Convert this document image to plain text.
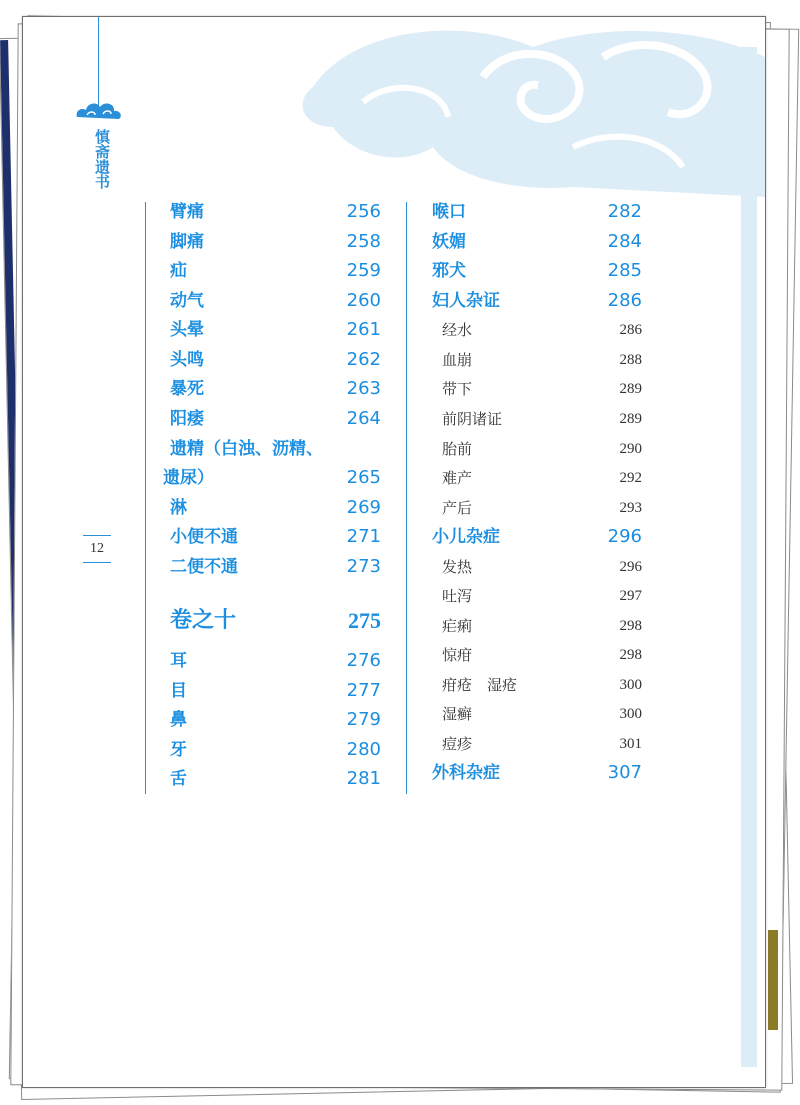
慎斋遗书
12
臂痛	256
脚痛	258
疝	259
动气	260
头晕	261
头鸣	262
暴死	263
阳痿	264
遗精（白浊、沥精、
遗尿）	265
淋	269
小便不通	271
二便不通	273
卷之十	275
耳	276
目	277
鼻	279
牙	280
舌	281
喉口	282
妖媚	284
邪犬	285
妇人杂证	286
经水	286
血崩	288
带下	289
前阴诸证	289
胎前	290
难产	292
产后	293
小儿杂症	296
发热	296
吐泻	297
疟痢	298
惊疳	298
疳疮　湿疮	300
湿癣	300
痘疹	301
外科杂症	307
